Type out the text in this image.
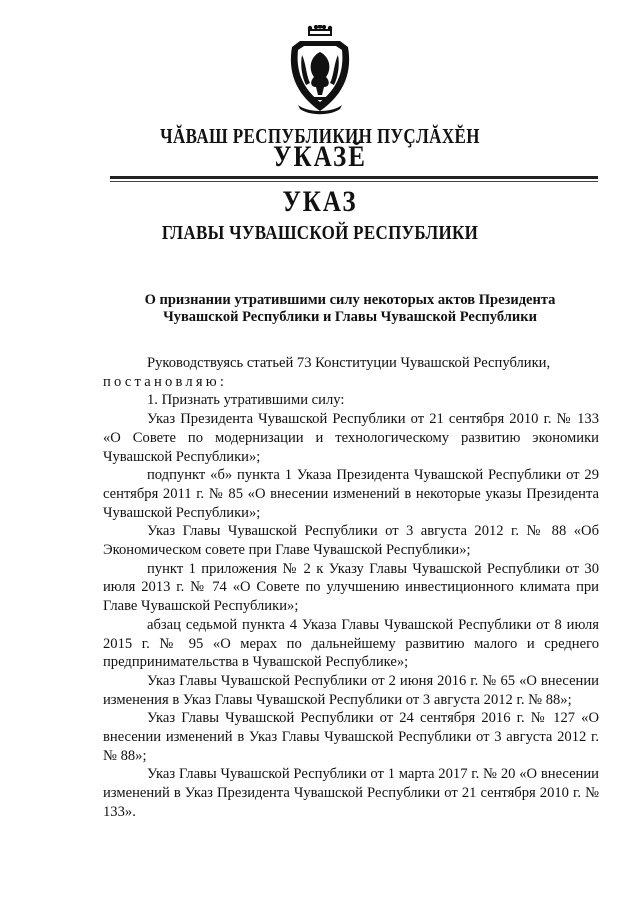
ЧĂВАШ РЕСПУБЛИКИН ПУҪЛĂХĔН
УКАЗĔ
УКАЗ
ГЛАВЫ ЧУВАШСКОЙ РЕСПУБЛИКИ
О признании утратившими силу некоторых актов Президента
Чувашской Республики и Главы Чувашской Республики

Руководствуясь статьей 73 Конституции Чувашской Республики,

постановляю:

1. Признать утратившими силу:

Указ Президента Чувашской Республики от 21 сентября 2010 г. № 133 «О Совете по модернизации и технологическому развитию экономики Чувашской Республики»;

подпункт «б» пункта 1 Указа Президента Чувашской Республики от 29 сентября 2011 г. № 85 «О внесении изменений в некоторые указы Президента Чувашской Республики»;

Указ Главы Чувашской Республики от 3 августа 2012 г. № 88 «Об Экономическом совете при Главе Чувашской Республики»;

пункт 1 приложения № 2 к Указу Главы Чувашской Республики от 30 июля 2013 г. № 74 «О Совете по улучшению инвестиционного климата при Главе Чувашской Республики»;

абзац седьмой пункта 4 Указа Главы Чувашской Республики от 8 июля 2015 г. № 95 «О мерах по дальнейшему развитию малого и среднего предпринимательства в Чувашской Республике»;

Указ Главы Чувашской Республики от 2 июня 2016 г. № 65 «О внесении изменения в Указ Главы Чувашской Республики от 3 августа 2012 г. № 88»;

Указ Главы Чувашской Республики от 24 сентября 2016 г. № 127 «О внесении изменений в Указ Главы Чувашской Республики от 3 августа 2012 г. № 88»;

Указ Главы Чувашской Республики от 1 марта 2017 г. № 20 «О внесении изменений в Указ Президента Чувашской Республики от 21 сентября 2010 г. № 133».
